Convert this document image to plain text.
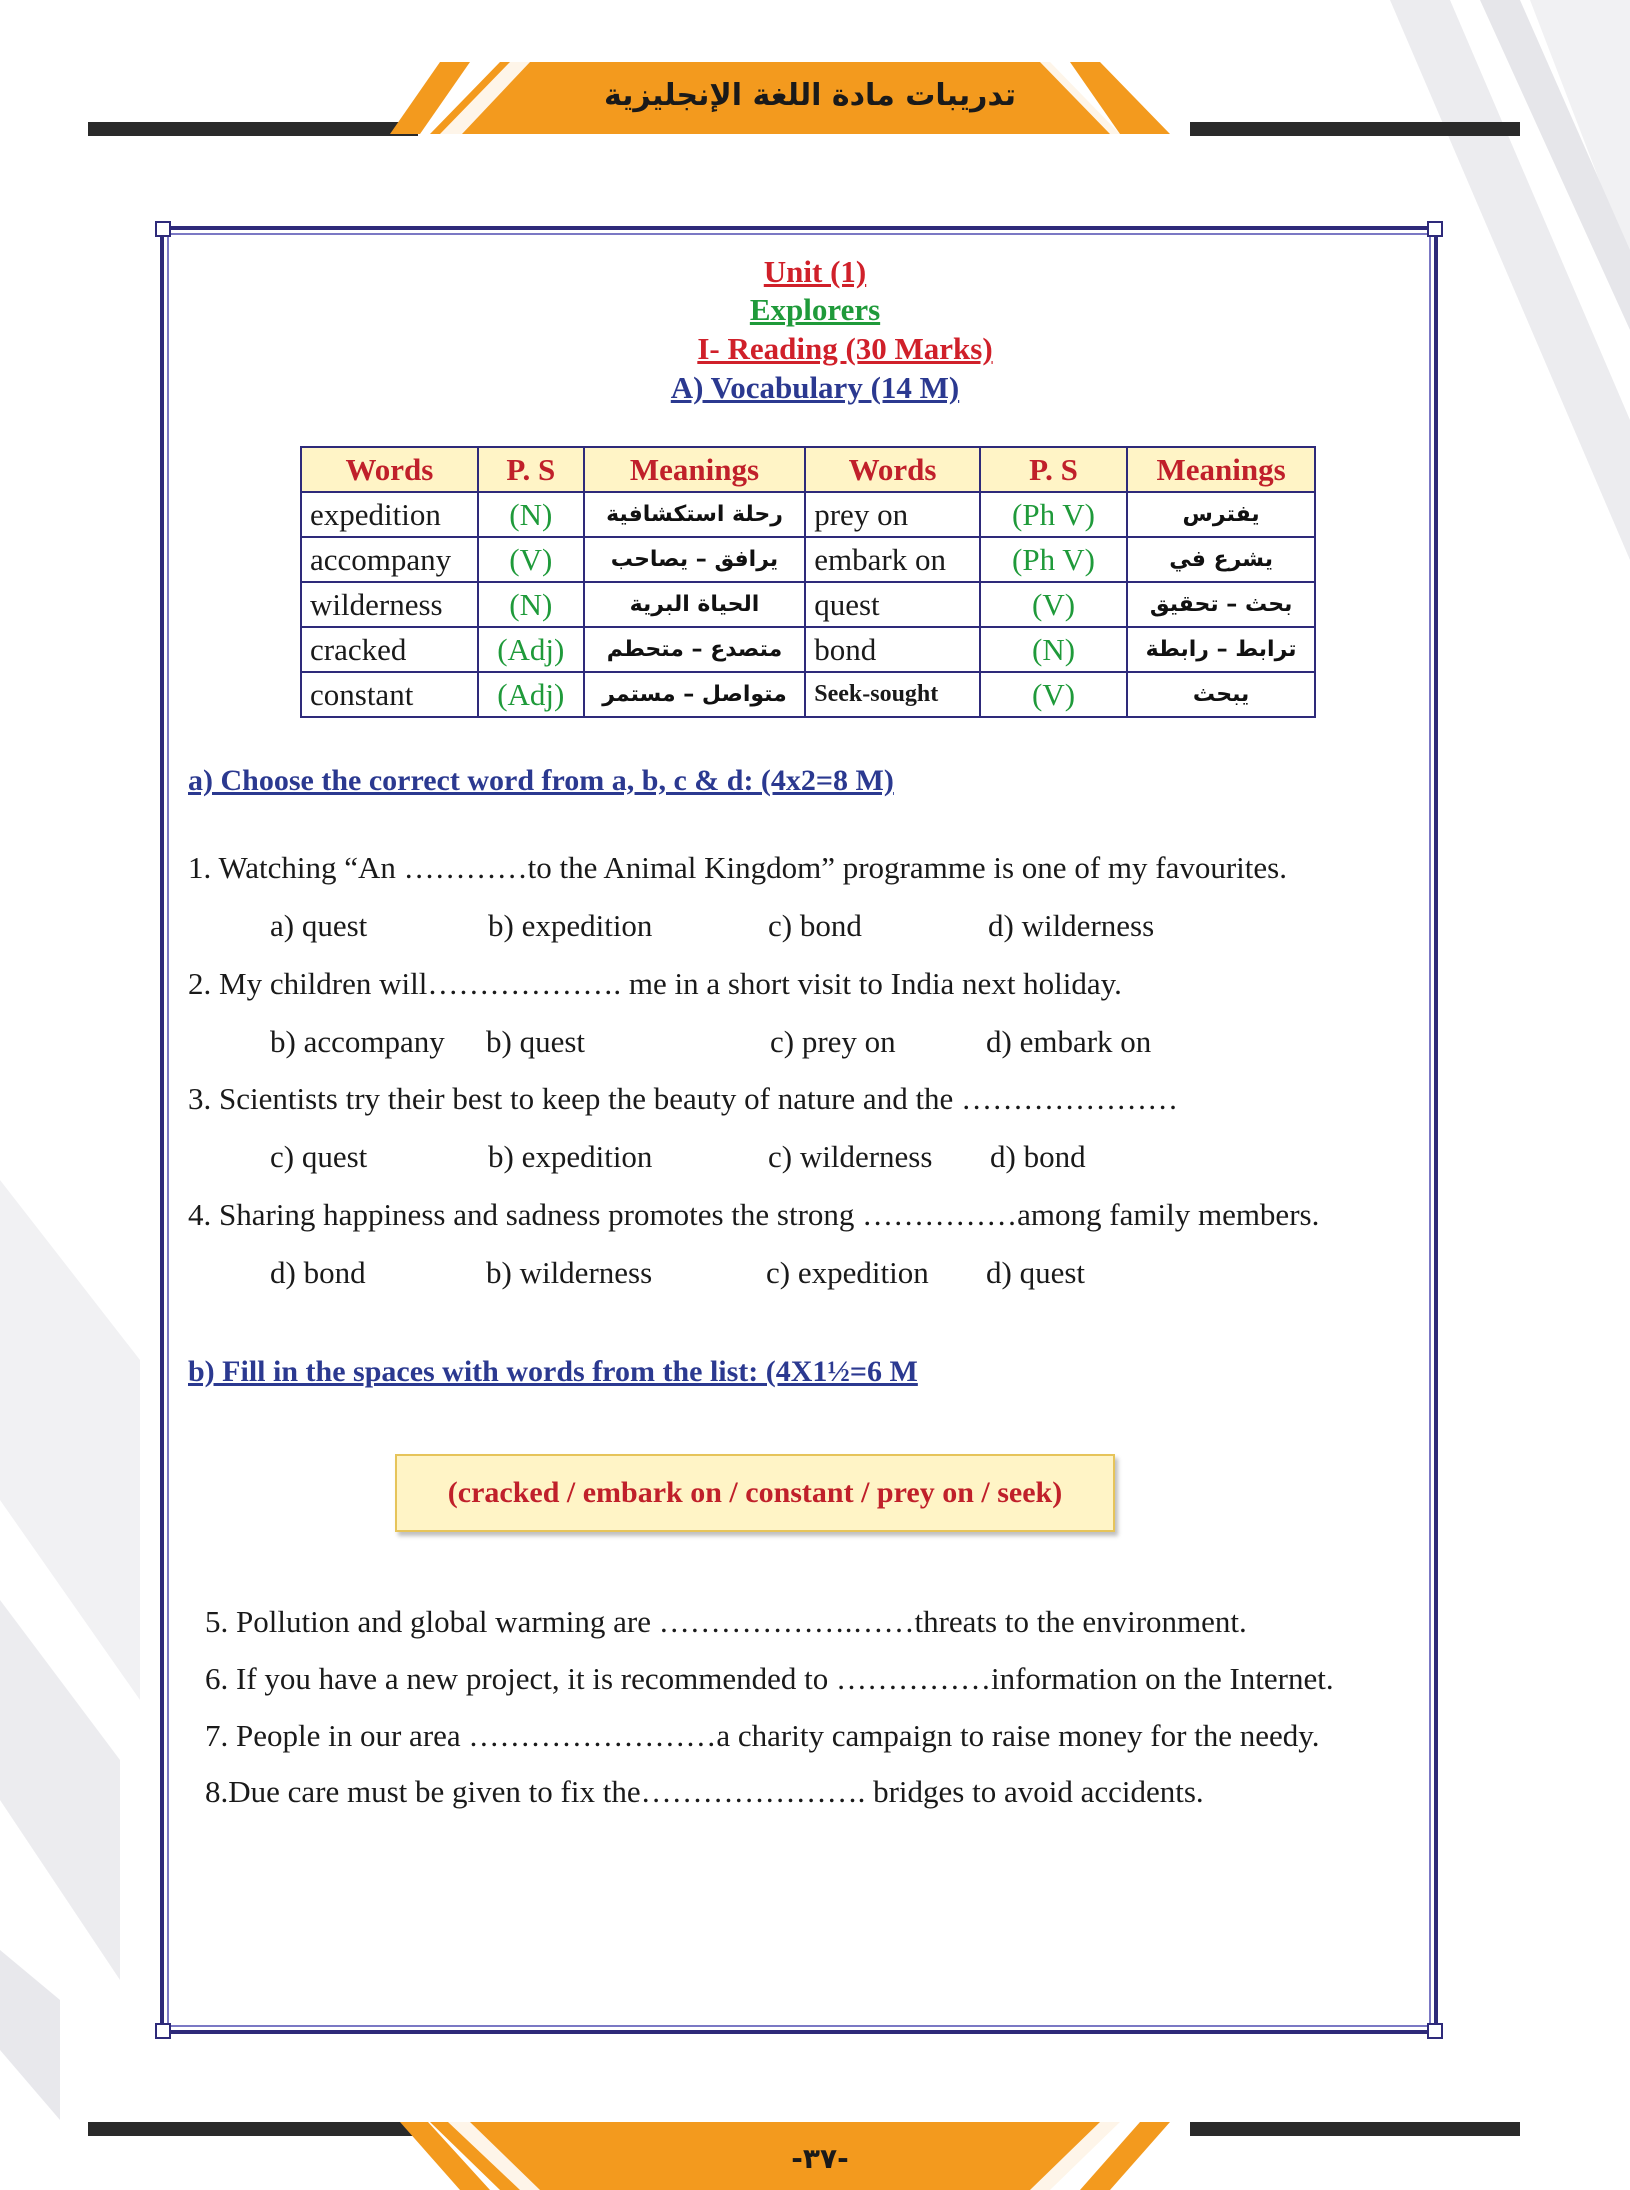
تدريبات مادة اللغة الإنجليزية
Unit (1)
Explorers
I- Reading (30 Marks)
A) Vocabulary (14 M)
Words	P. S	Meanings	Words	P. S	Meanings
expedition	(N)	رحلة استكشافية	prey on	(Ph V)	يفترس
accompany	(V)	يرافق – يصاحب	embark on	(Ph V)	يشرع في
wilderness	(N)	الحياة البرية	quest	(V)	بحث – تحقيق
cracked	(Adj)	متصدع – متحطم	bond	(N)	ترابط – رابطة
constant	(Adj)	متواصل – مستمر	Seek-sought	(V)	يبحث
a) Choose the correct word from a, b, c & d: (4x2=8 M)
1. Watching “An …………to the Animal Kingdom” programme is one of my favourites.
a) quest	b) expedition	c) bond	d) wilderness
2. My children will………………. me in a short visit to India next holiday.
b) accompany b) quest	c) prey on	d) embark on
3. Scientists try their best to keep the beauty of nature and the …………………
c) quest	b) expedition	c) wilderness d) bond
4. Sharing happiness and sadness promotes the strong ……………among family members.
d) bond	b) wilderness	c) expedition d) quest
b) Fill in the spaces with words from the list: (4X1½=6 M
(cracked / embark on / constant / prey on / seek)
5. Pollution and global warming are ……………….……threats to the environment.
6. If you have a new project, it is recommended to ……………information on the Internet.
7. People in our area ……………………a charity campaign to raise money for the needy.
8.Due care must be given to fix the…………………. bridges to avoid accidents.
-٣٧-
